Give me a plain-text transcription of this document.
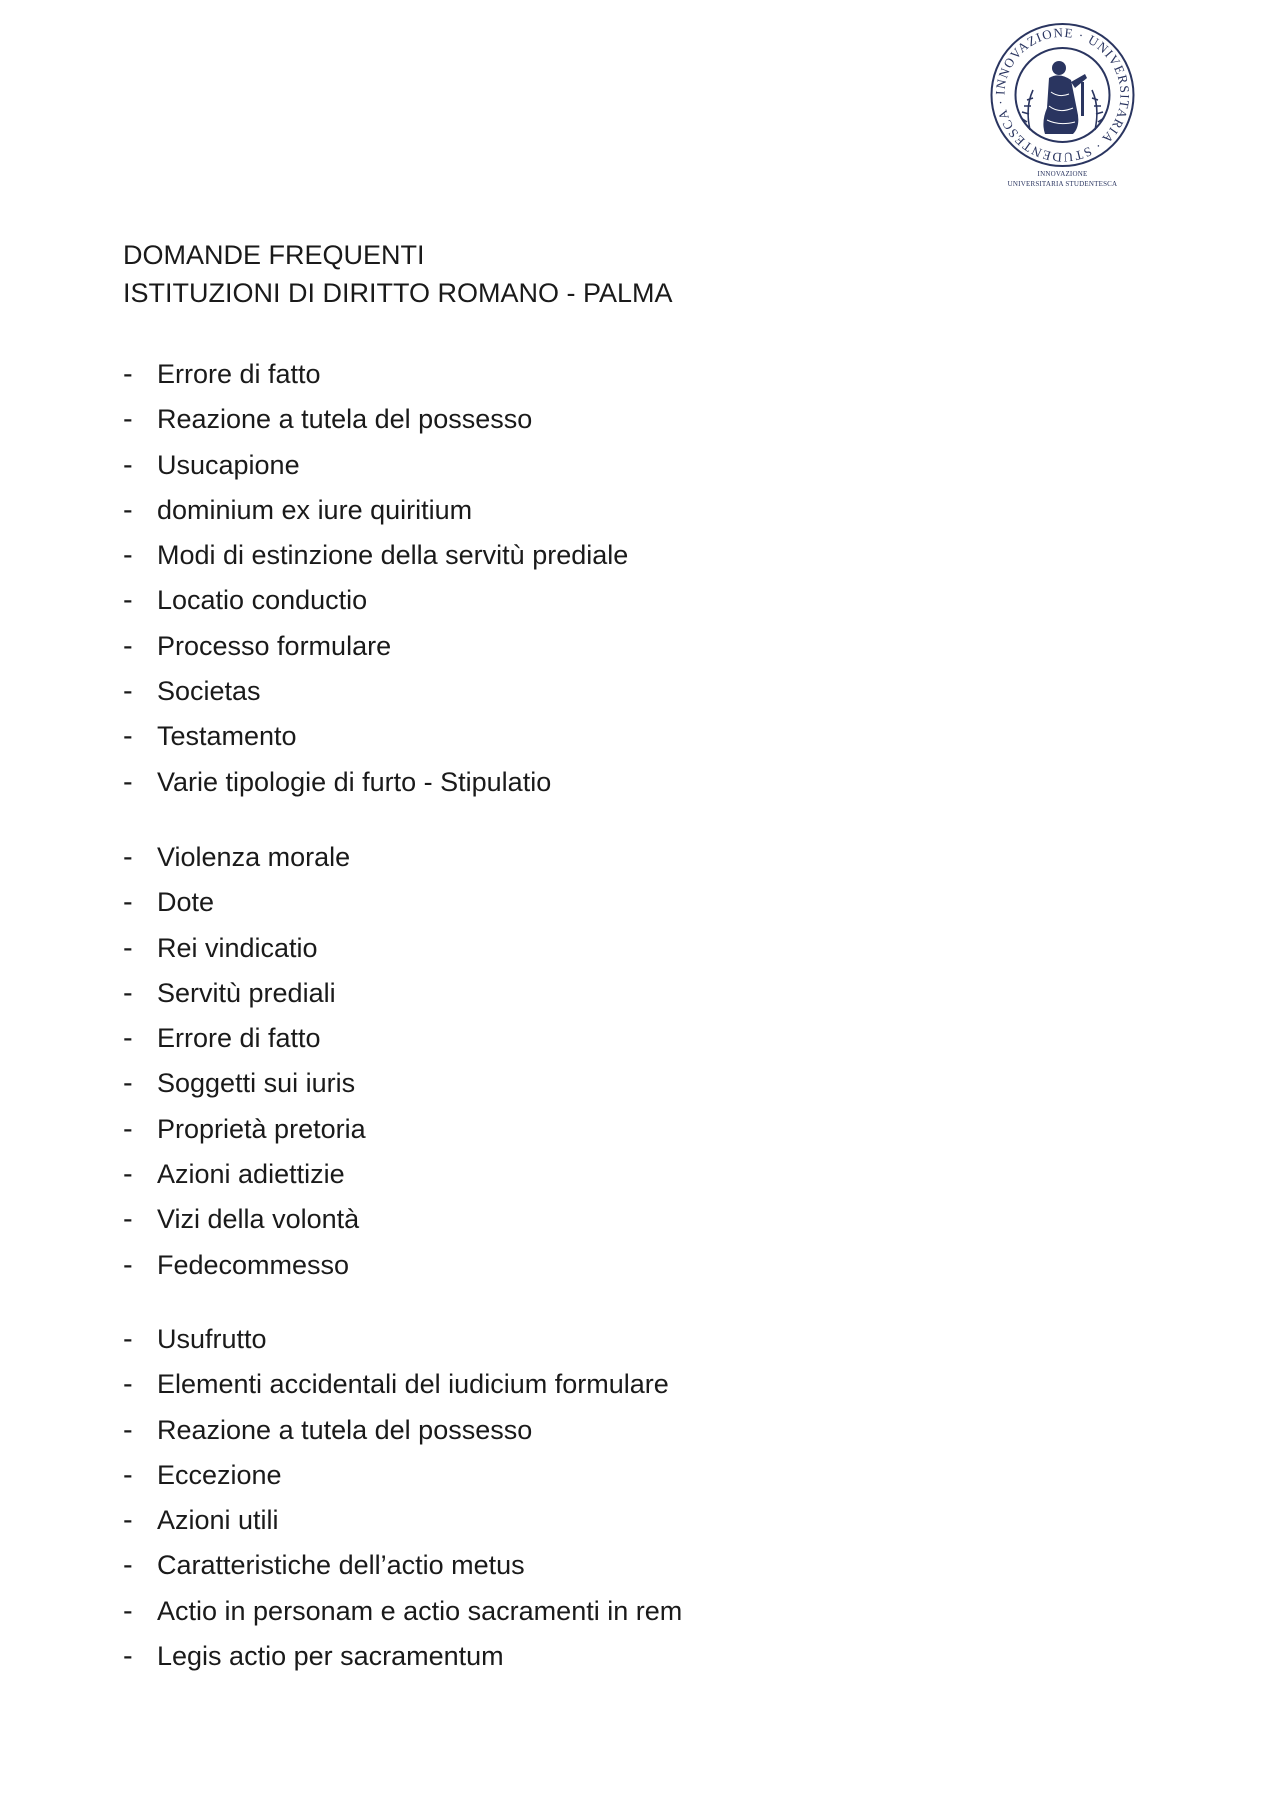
INNOVAZIONE · UNIVERSITARIA · STUDENTESCA ·
INNOVAZIONE
UNIVERSITARIA STUDENTESCA
DOMANDE FREQUENTI
ISTITUZIONI DI DIRITTO ROMANO - PALMA
- Errore di fatto
- Reazione a tutela del possesso
- Usucapione
- dominium ex iure quiritium
- Modi di estinzione della servitù prediale
- Locatio conductio
- Processo formulare
- Societas
- Testamento
- Varie tipologie di furto - Stipulatio
- Violenza morale
- Dote
- Rei vindicatio
- Servitù prediali
- Errore di fatto
- Soggetti sui iuris
- Proprietà pretoria
- Azioni adiettizie
- Vizi della volontà
- Fedecommesso
- Usufrutto
- Elementi accidentali del iudicium formulare
- Reazione a tutela del possesso
- Eccezione
- Azioni utili
- Caratteristiche dell’actio metus
- Actio in personam e actio sacramenti in rem
- Legis actio per sacramentum
